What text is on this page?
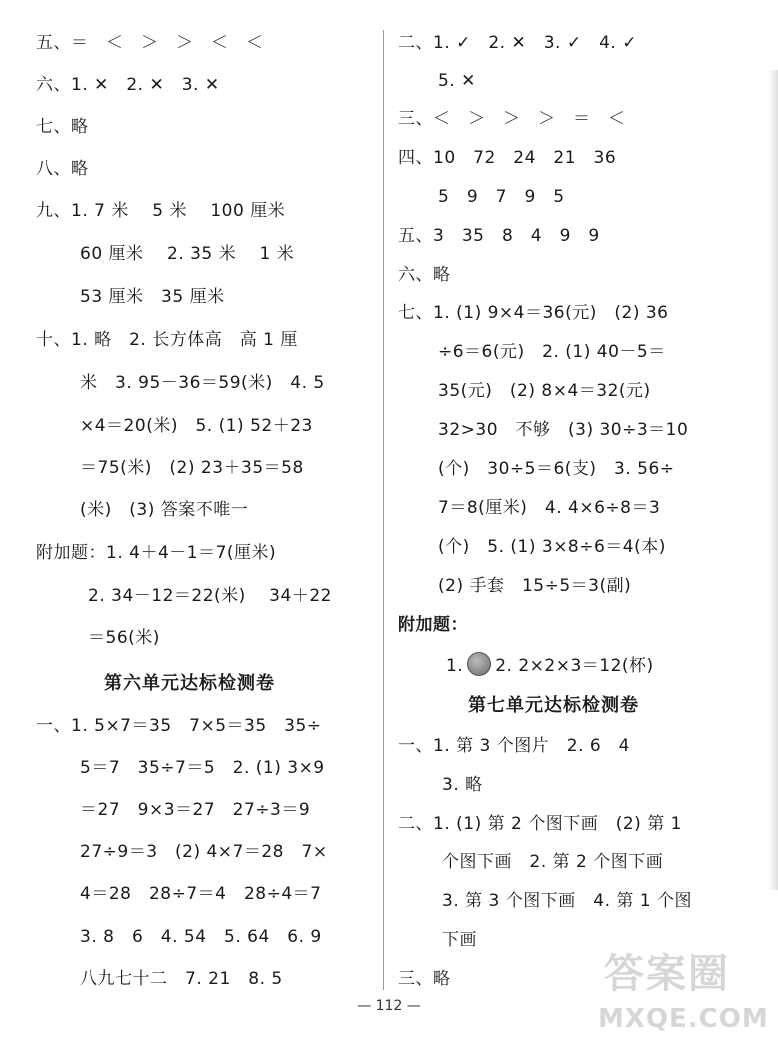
五、＝　＜　＞　＞　＜　＜
六、1. ✕　2. ✕　3. ✕
七、略
八、略
九、1. 7 米　 5 米　 100 厘米
60 厘米　 2. 35 米　 1 米
53 厘米　35 厘米
十、1. 略　2. 长方体高　高 1 厘
米　3. 95－36＝59(米)　4. 5
×4＝20(米)　5. (1) 52＋23
＝75(米)　(2) 23＋35＝58
(米)　(3) 答案不唯一
附加题：1. 4＋4－1＝7(厘米)
2. 34－12＝22(米)　 34＋22
＝56(米)
第六单元达标检测卷
一、1. 5×7＝35　7×5＝35　35÷
5＝7　35÷7＝5　2. (1) 3×9
＝27　9×3＝27　27÷3＝9
27÷9＝3　(2) 4×7＝28　7×
4＝28　28÷7＝4　28÷4＝7
3. 8　6　4. 54　5. 64　6. 9
八九七十二　7. 21　8. 5
二、1. ✓　2. ✕　3. ✓　4. ✓
5. ✕
三、＜　＞　＞　＞　＝　＜
四、10　72　24　21　36
5　9　7　9　5
五、3　35　8　4　9　9
六、略
七、1. (1) 9×4＝36(元)　(2) 36
÷6＝6(元)　2. (1) 40－5＝
35(元)　(2) 8×4＝32(元)
32>30　不够　(3) 30÷3＝10
(个)　30÷5＝6(支)　3. 56÷
7＝8(厘米)　4. 4×6÷8＝3
(个)　5. (1) 3×8÷6＝4(本)
(2) 手套　15÷5＝3(副)
附加题：
1. 2. 2×2×3＝12(杯)
第七单元达标检测卷
一、1. 第 3 个图片　2. 6　4
3. 略
二、1. (1) 第 2 个图下画　(2) 第 1
个图下画　2. 第 2 个图下画
3. 第 3 个图下画　4. 第 1 个图
下画
三、略
— 112 —
答案圈
MXQE.COM
